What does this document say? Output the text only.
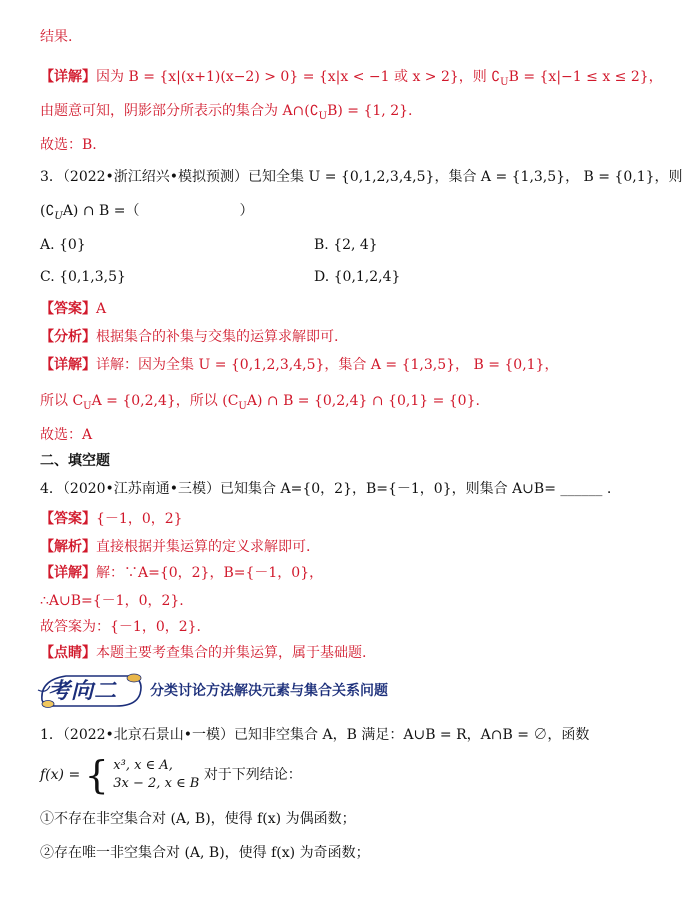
结果.
【详解】因为 B = {x|(x+1)(x−2) > 0} = {x|x < −1 或 x > 2}，则 $∁_UB = \{x|-1 \le x \le 2\}$，
由题意可知，阴影部分所表示的集合为 $A\cap(∁_UB) = \{1$, 2}.
故选：B.
3．（2022•浙江绍兴•模拟预测）已知全集 U = {0,1,2,3,4,5}，集合 A = {1,3,5}， B = {0,1}，则
$(∁_UA)$ ∩ B =（	）
A. {0}	B. {2, 4}
C. {0,1,3,5}	D. {0,1,2,4}
【答案】A
【分析】根据集合的补集与交集的运算求解即可.
【详解】详解：因为全集 U = {0,1,2,3,4,5}，集合 A = {1,3,5}， B = {0,1}，
所以 $C_UA = \{0,2,4\}$，所以 $(C_UA)$ ∩ B = {0,2,4} ∩ {0,1} = {0}.
故选：A
二、填空题
4．（2020•江苏南通•三模）已知集合 A={0，2}，B={－1，0}，则集合 A∪B= ______ .
【答案】{－1，0，2}
【解析】直接根据并集运算的定义求解即可.
【详解】解：∵A={0，2}，B={－1，0}，
∴A∪B={－1，0，2}.
故答案为：{－1，0，2}.
【点睛】本题主要考查集合的并集运算，属于基础题.
考向二 分类讨论方法解决元素与集合关系问题
1．（2022•北京石景山•一模）已知非空集合 A，B 满足：A∪B = R，A∩B = ∅，函数
f(x) = { x³, x ∈ A,
3x − 2, x ∈ B 对于下列结论：
①不存在非空集合对 (A, B)，使得 f(x) 为偶函数；
②存在唯一非空集合对 (A, B)，使得 f(x) 为奇函数；
